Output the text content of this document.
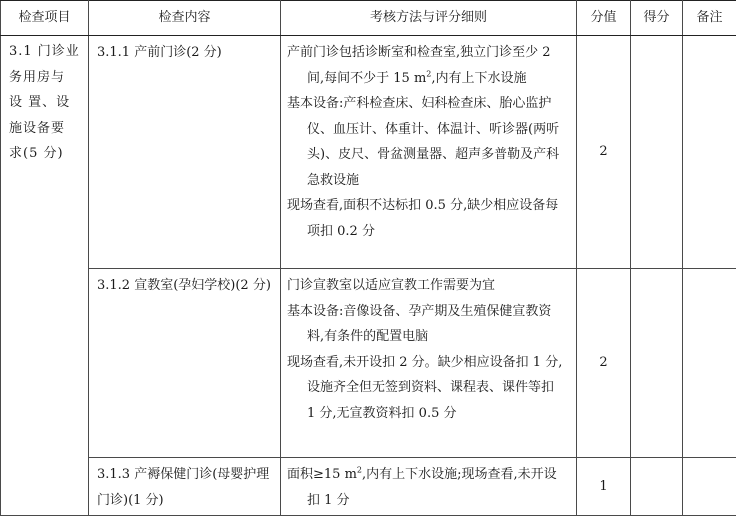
检查项目	检查内容	考核方法与评分细则	分值	得分	备注

3.1 门诊业
务用房与
设 置、设
施设备要
求(5 分)	3.1.1 产前门诊(2 分)	产前门诊包括诊断室和检查室,独立门诊至少 2 间,每间不少于 15 $m^2$,内有上下水设施
基本设备:产科检查床、妇科检查床、胎心监护仪、血压计、体重计、体温计、听诊器(两听头)、皮尺、骨盆测量器、超声多普勒及产科急救设施
现场查看,面积不达标扣 0.5 分,缺少相应设备每项扣 0.2 分	2		
	3.1.2 宣教室(孕妇学校)(2 分)	门诊宣教室以适应宣教工作需要为宜
基本设备:音像设备、孕产期及生殖保健宣教资料,有条件的配置电脑
现场查看,未开设扣 2 分。缺少相应设备扣 1 分,设施齐全但无签到资料、课程表、课件等扣 1 分,无宣教资料扣 0.5 分	2		
	3.1.3 产褥保健门诊(母婴护理门诊)(1 分)	面积≥15 $m^2$,内有上下水设施;现场查看,未开设扣 1 分	1		
